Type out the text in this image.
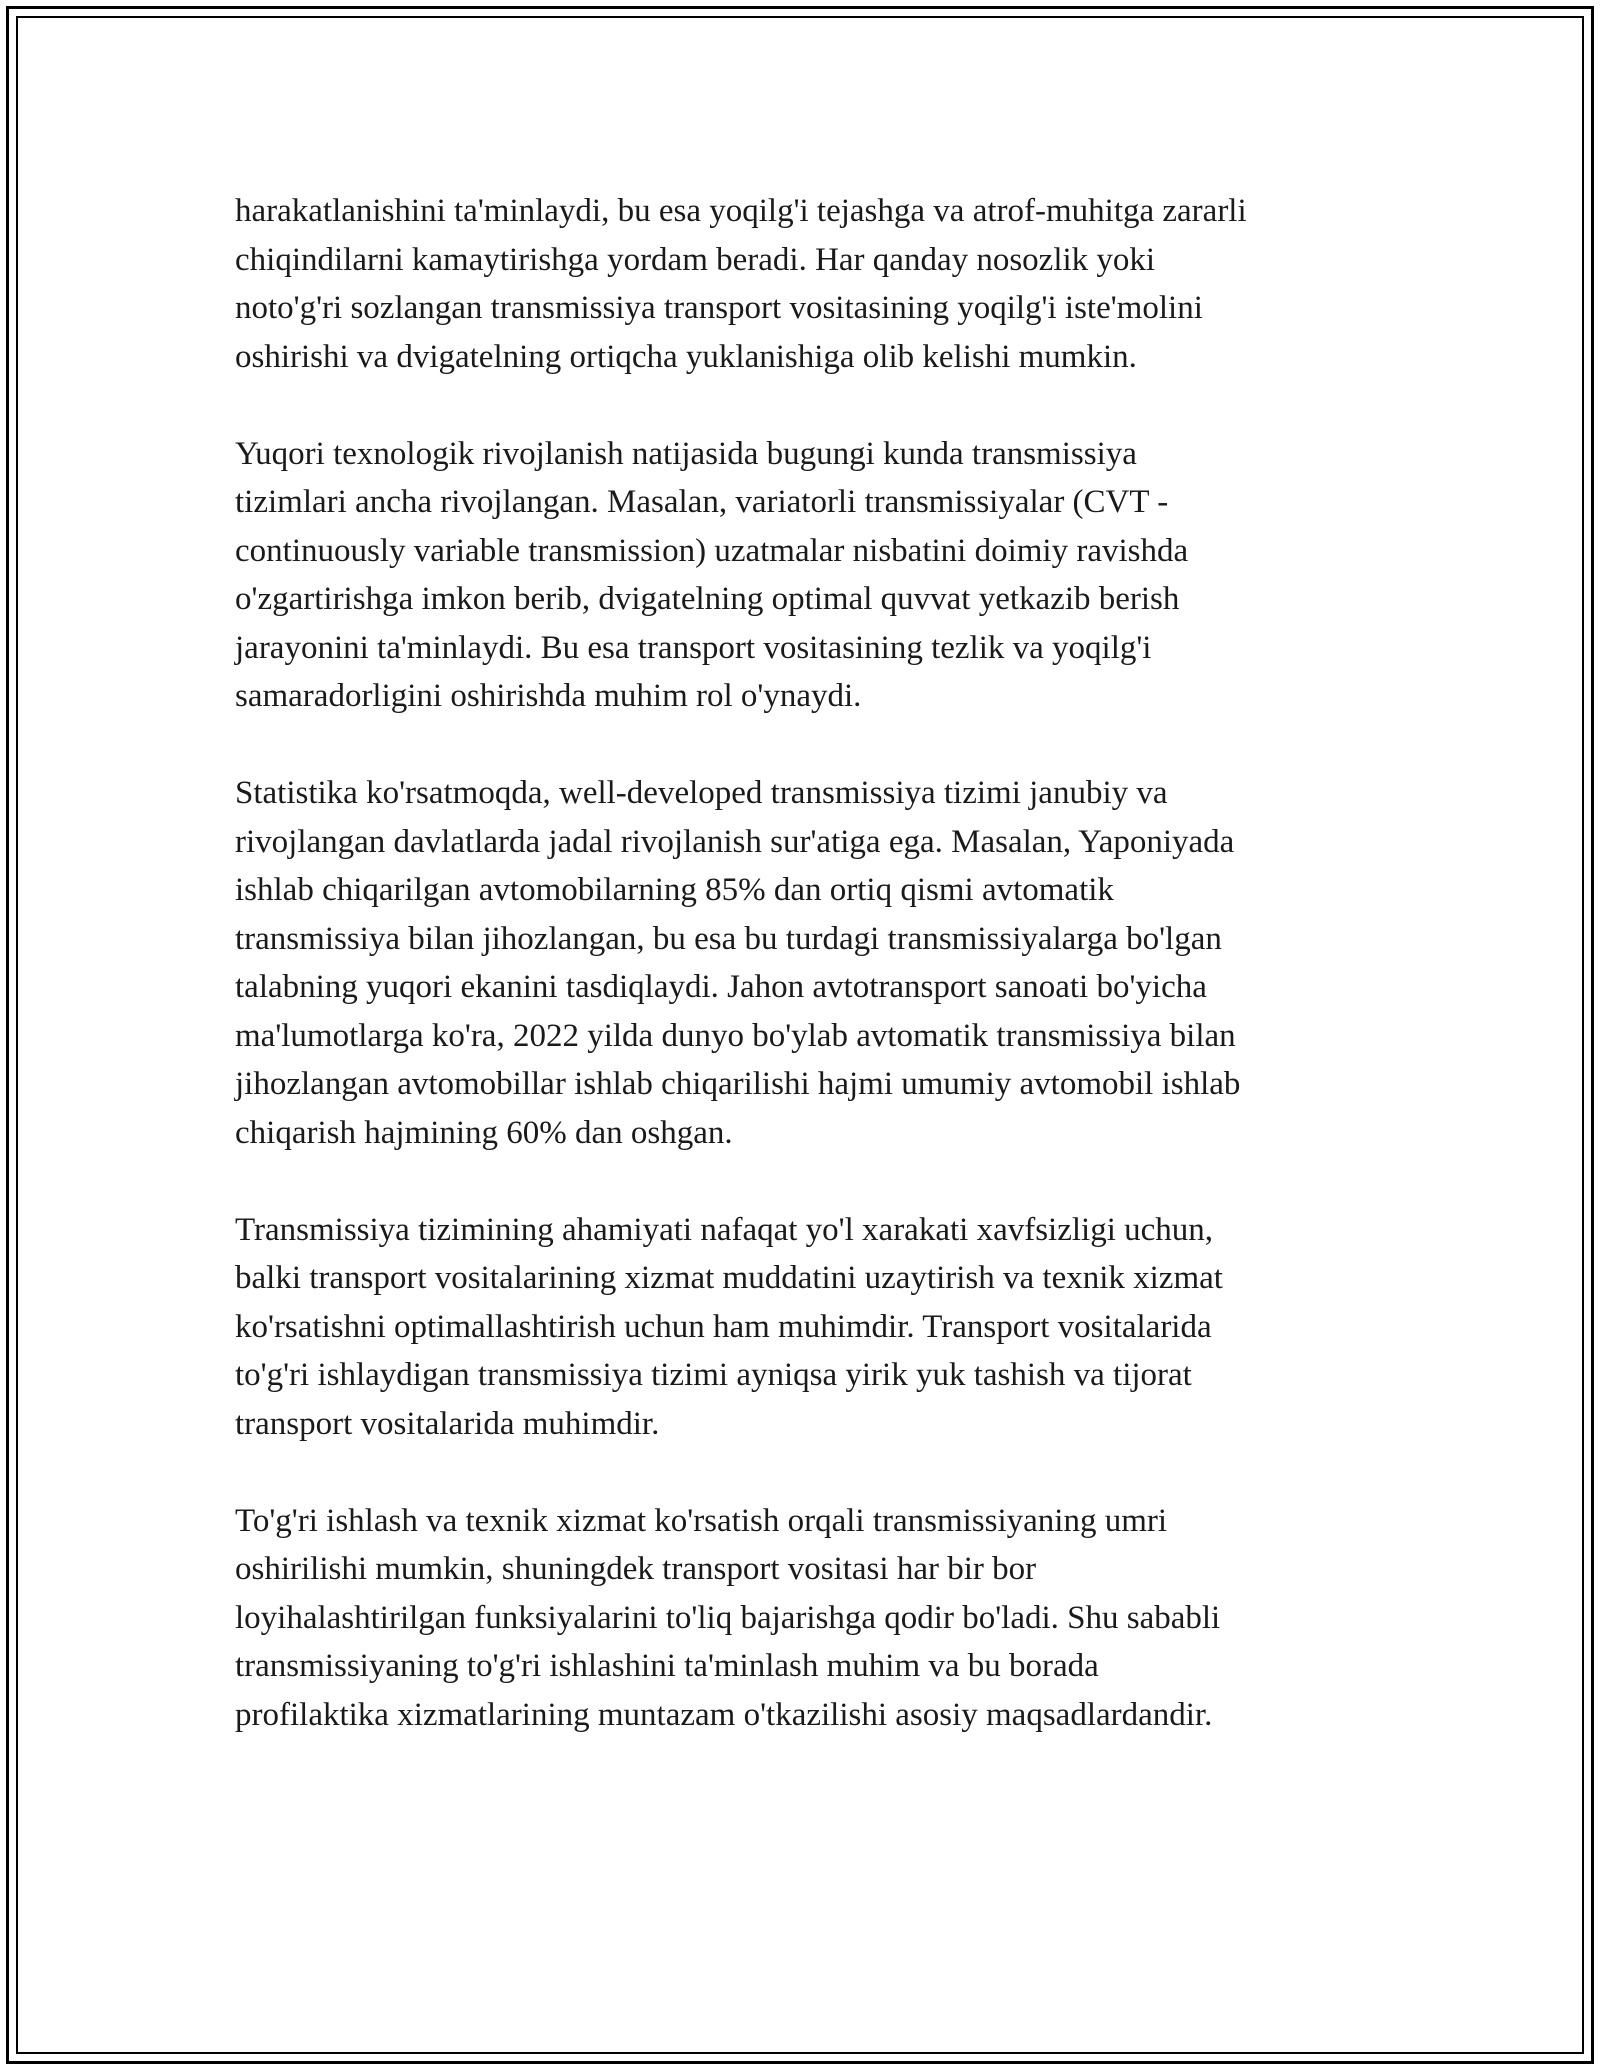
harakatlanishini ta'minlaydi, bu esa yoqilg'i tejashga va atrof-muhitga zararli
chiqindilarni kamaytirishga yordam beradi. Har qanday nosozlik yoki
noto'g'ri sozlangan transmissiya transport vositasining yoqilg'i iste'molini
oshirishi va dvigatelning ortiqcha yuklanishiga olib kelishi mumkin.

Yuqori texnologik rivojlanish natijasida bugungi kunda transmissiya
tizimlari ancha rivojlangan. Masalan, variatorli transmissiyalar (CVT -
continuously variable transmission) uzatmalar nisbatini doimiy ravishda
o'zgartirishga imkon berib, dvigatelning optimal quvvat yetkazib berish
jarayonini ta'minlaydi. Bu esa transport vositasining tezlik va yoqilg'i
samaradorligini oshirishda muhim rol o'ynaydi.

Statistika ko'rsatmoqda, well-developed transmissiya tizimi janubiy va
rivojlangan davlatlarda jadal rivojlanish sur'atiga ega. Masalan, Yaponiyada
ishlab chiqarilgan avtomobilarning 85% dan ortiq qismi avtomatik
transmissiya bilan jihozlangan, bu esa bu turdagi transmissiyalarga bo'lgan
talabning yuqori ekanini tasdiqlaydi. Jahon avtotransport sanoati bo'yicha
ma'lumotlarga ko'ra, 2022 yilda dunyo bo'ylab avtomatik transmissiya bilan
jihozlangan avtomobillar ishlab chiqarilishi hajmi umumiy avtomobil ishlab
chiqarish hajmining 60% dan oshgan.

Transmissiya tizimining ahamiyati nafaqat yo'l xarakati xavfsizligi uchun,
balki transport vositalarining xizmat muddatini uzaytirish va texnik xizmat
ko'rsatishni optimallashtirish uchun ham muhimdir. Transport vositalarida
to'g'ri ishlaydigan transmissiya tizimi ayniqsa yirik yuk tashish va tijorat
transport vositalarida muhimdir.

To'g'ri ishlash va texnik xizmat ko'rsatish orqali transmissiyaning umri
oshirilishi mumkin, shuningdek transport vositasi har bir bor
loyihalashtirilgan funksiyalarini to'liq bajarishga qodir bo'ladi. Shu sababli
transmissiyaning to'g'ri ishlashini ta'minlash muhim va bu borada
profilaktika xizmatlarining muntazam o'tkazilishi asosiy maqsadlardandir.
